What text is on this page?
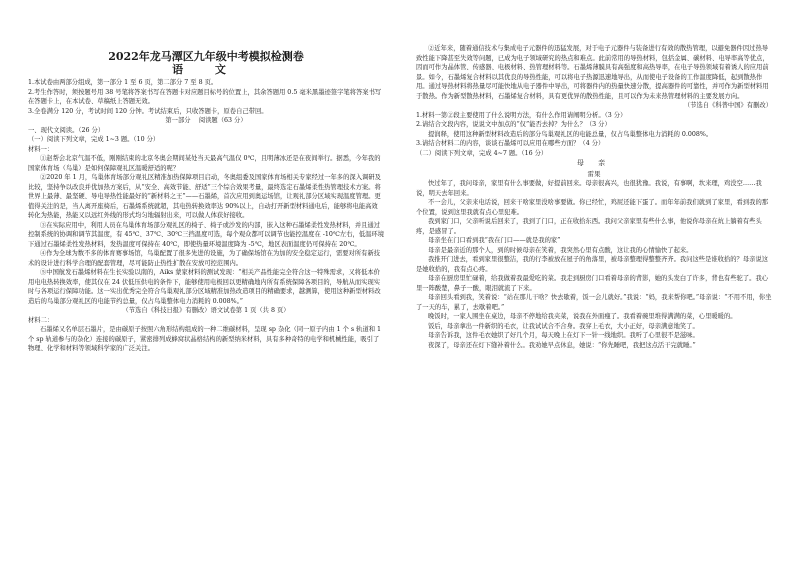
2022年龙马潭区九年级中考模拟检测卷
语 文

1.本试卷由两部分组成，第一部分 1 至 6 页，第二部分 7 至 8 页。

2.考生作答时，须按题号用 38 号笔将答案书写在答题卡对应题目标号的位置上，其余答题用 0.5 毫米黑墨迹签字笔将答案书写在答题卡上，在本试卷、草稿纸上答题无效。

3.全卷满分 120 分，考试时间 120 分钟。考试结束后，只收答题卡，原卷自己带回。

第一部分　 阅读题（63 分）

一、现代文阅读。（26 分）

（一）阅读下列文章，完成 1~3 题。（10 分）

材料一：

①赵帮会北京气温不低，刚刚结束的北京冬奥会期间某处当天最高气温仅 0℃，且明薄冰还是在夜间举行。据悉，今年我的国家体育场（鸟巢）是如何保障观礼区温暖舒适的呢？

②2020 年 1 月，鸟巢体育场部分观礼区精准加热保障项目启动，冬奥组委及国家体育场相关专家经过一年多的深入调研及比较，坚持争以改良并优加热方案后，从“安全、高效节能、舒适”三个综合效果考量，最终选定石墨烯柔性热管理技术方案。将世界上最薄、最坚硬、导电导热性能最好的“新材料之王”——石墨烯，首次应用到奥运场馆，让观礼部分区域实现温度管理。更值得关注的是，当人离开座椅后，石墨烯系统就超，其电热转换效率达 90%以上，自动打开新型材料通电后，能够将电能高效转化为热能，热能又以远红外线的形式均匀地辐射出来，可以做人体获好接收。

③在实际应用中，利用人员在鸟巢体育场部分观礼区的椅子、椅子或沙发的内部，嵌入这种石墨烯柔性发热材料，并且通过控制系统的协调和调节其温度，有 45℃、37℃、30℃三挡温度可选，每个观众都可以调节也能控温度在 -10℃左右，低温环境下通过石墨烯柔性发热材料，发热温度可保持在 40℃，即使热量环境温度降为 -5℃，地区表面温度仍可保持在 20℃。

④作为全球为数不多的体育赛事场馆，鸟巢配置了很多先进的设施，为了确保场馆在为加的安全稳定运行，需要对所有新技术的设计进行科学合理的配套管理，尽可能防止热性扩散在安放可控范围内。

⑤中国航发石墨烯材料在生长实验以南的，Aiks 蒙家材料的测试发现：“相关产品性能完全符合这一特殊需求，又将低本价用电电热转换效率，使其仅在 24 伏低压供电的条件下，能够使用电极回以更精确地内所有系统保障各项目的，导航从而实现实时与各项运行保障功能。这一实出优秀完全符合鸟巢观礼部分区域精准加热改造项目的精确要求，越测算，使用这种新型材料改造后的鸟巢部分观礼区的电能节约总量，仅占鸟巢整体电力消耗的 0.008%。”

（节选自《科技日报》有删改）语文试卷第 1 页（共 8 页）

材料二：

石墨烯又名单层石墨片，是由碳原子按照六角形结构组成的一种二维碳材料，呈现 sp 杂化（同一原子内由 1 个 s 轨道和 1 个 sp 轨道参与的杂化）连接的碳原子，紧密排列成蜂窝状晶格结构的新型纳米材料，具有多种奇特的电学和机械性能，吸引了物理、化学和材料等领域科学家的广泛关注。

②近年来，随着通信技术与集成电子元器件的迅猛发展，对于电子元器件与装备进行有效的散热管理，以避免器件因过热导致性能下降甚至失效等问题，已成为电子领域研究的热点和难点。此前常用的导热材料，包括金属、碳材料、电导率高等优点，因而可作为晶体管、传感器、电极材料、热管理材料等。石墨烯薄膜具有高强度和高热导率，在电子导热领域有着诱人的应用前景。如今，石墨烯复合材料以其优良的导热性能，可以将电子热源迅速地导出，从而使电子设备的工作温度降低，起到散热作用。通过导热材料将热量尽可能快地从电子器件中导出，可将器件内的热量快速分散，提高器件的可靠性，并可作为新型材料用于散热。作为新型散热材料，石墨烯复合材料，具有更优异的散热性能，且可以作为未来热管理材料的主要发展方向。

（节选自《科普中国》有删改）

1.材料一第②段主要使用了什么说明方法，有什么作用请阐明分析。（3 分）

2.请结合文段内容，说说文中加点的“仅”能否去掉？为什么？（3 分）

提润释，使用这种新型材料改造后的部分鸟巢观礼区的电能总量，仅占鸟巢整体电力消耗的 0.008%。

3.请结合材料二的内容，谈谈石墨烯可以应用在哪些方面？（4 分）

（二）阅读下列文章，完成 4~7 题。（16 分）

母 亲
雷果

快过年了，我问母亲，家里有什么事要做，好提前回来。母亲很高兴，也很犹豫。我说，有事啊，坎来理，鸡没空……我说，明天去年回来。

不一会儿，父亲来电话说，回来干啥家里没啥事要做。你已经忙，鸡屁还能下蛋了。而年年前我们就到了家里，看到我的那个位置，说到这里我就有点心里犯难。

我到家门口，父亲听说后回来了，我到了门口，正在收拾东西。我问父亲家里有些什么事，他说你母亲在炕上躺着有些头疼，是感冒了。

母亲坐在门口看到我“我在门口——就是我的家”

母亲是最亲近的那个人，到的时候母亲在笑着，我突然心里有点酸，这让我的心情愉快了起来。

我推开门进去，看到家里很整洁，我的行李被放在屋子的角落里，被母亲整理得整整齐齐。我问这些是谁收拾的？母亲说这是她收拾的，我有点心疼。

母亲在厨房里忙碌着，给我做着我最爱吃的菜。我走到厨房门口看着母亲的背影，她的头发白了许多，背也有些驼了。我心里一阵酸楚，鼻子一酸，眼泪就流了下来。

母亲回头看到我，笑着说：“站在那儿干啥？快去歇着，饭一会儿就好。”我说：“妈，我来帮你吧。”母亲说：“不用不用，你坐了一天的车，累了，去歇着吧。”

晚饭时，一家人围坐在桌边，母亲不停地给我夹菜，说我在外面瘦了。我看着碗里堆得满满的菜，心里暖暖的。

饭后，母亲拿出一件新织的毛衣，让我试试合不合身。我穿上毛衣，大小正好，母亲满意地笑了。

母亲告诉我，这件毛衣她织了好几个月，每天晚上在灯下一针一线地织。我听了心里很不是滋味。

夜深了，母亲还在灯下缝补着什么。我劝她早点休息，她说：“你先睡吧，我把这点活干完就睡。”
